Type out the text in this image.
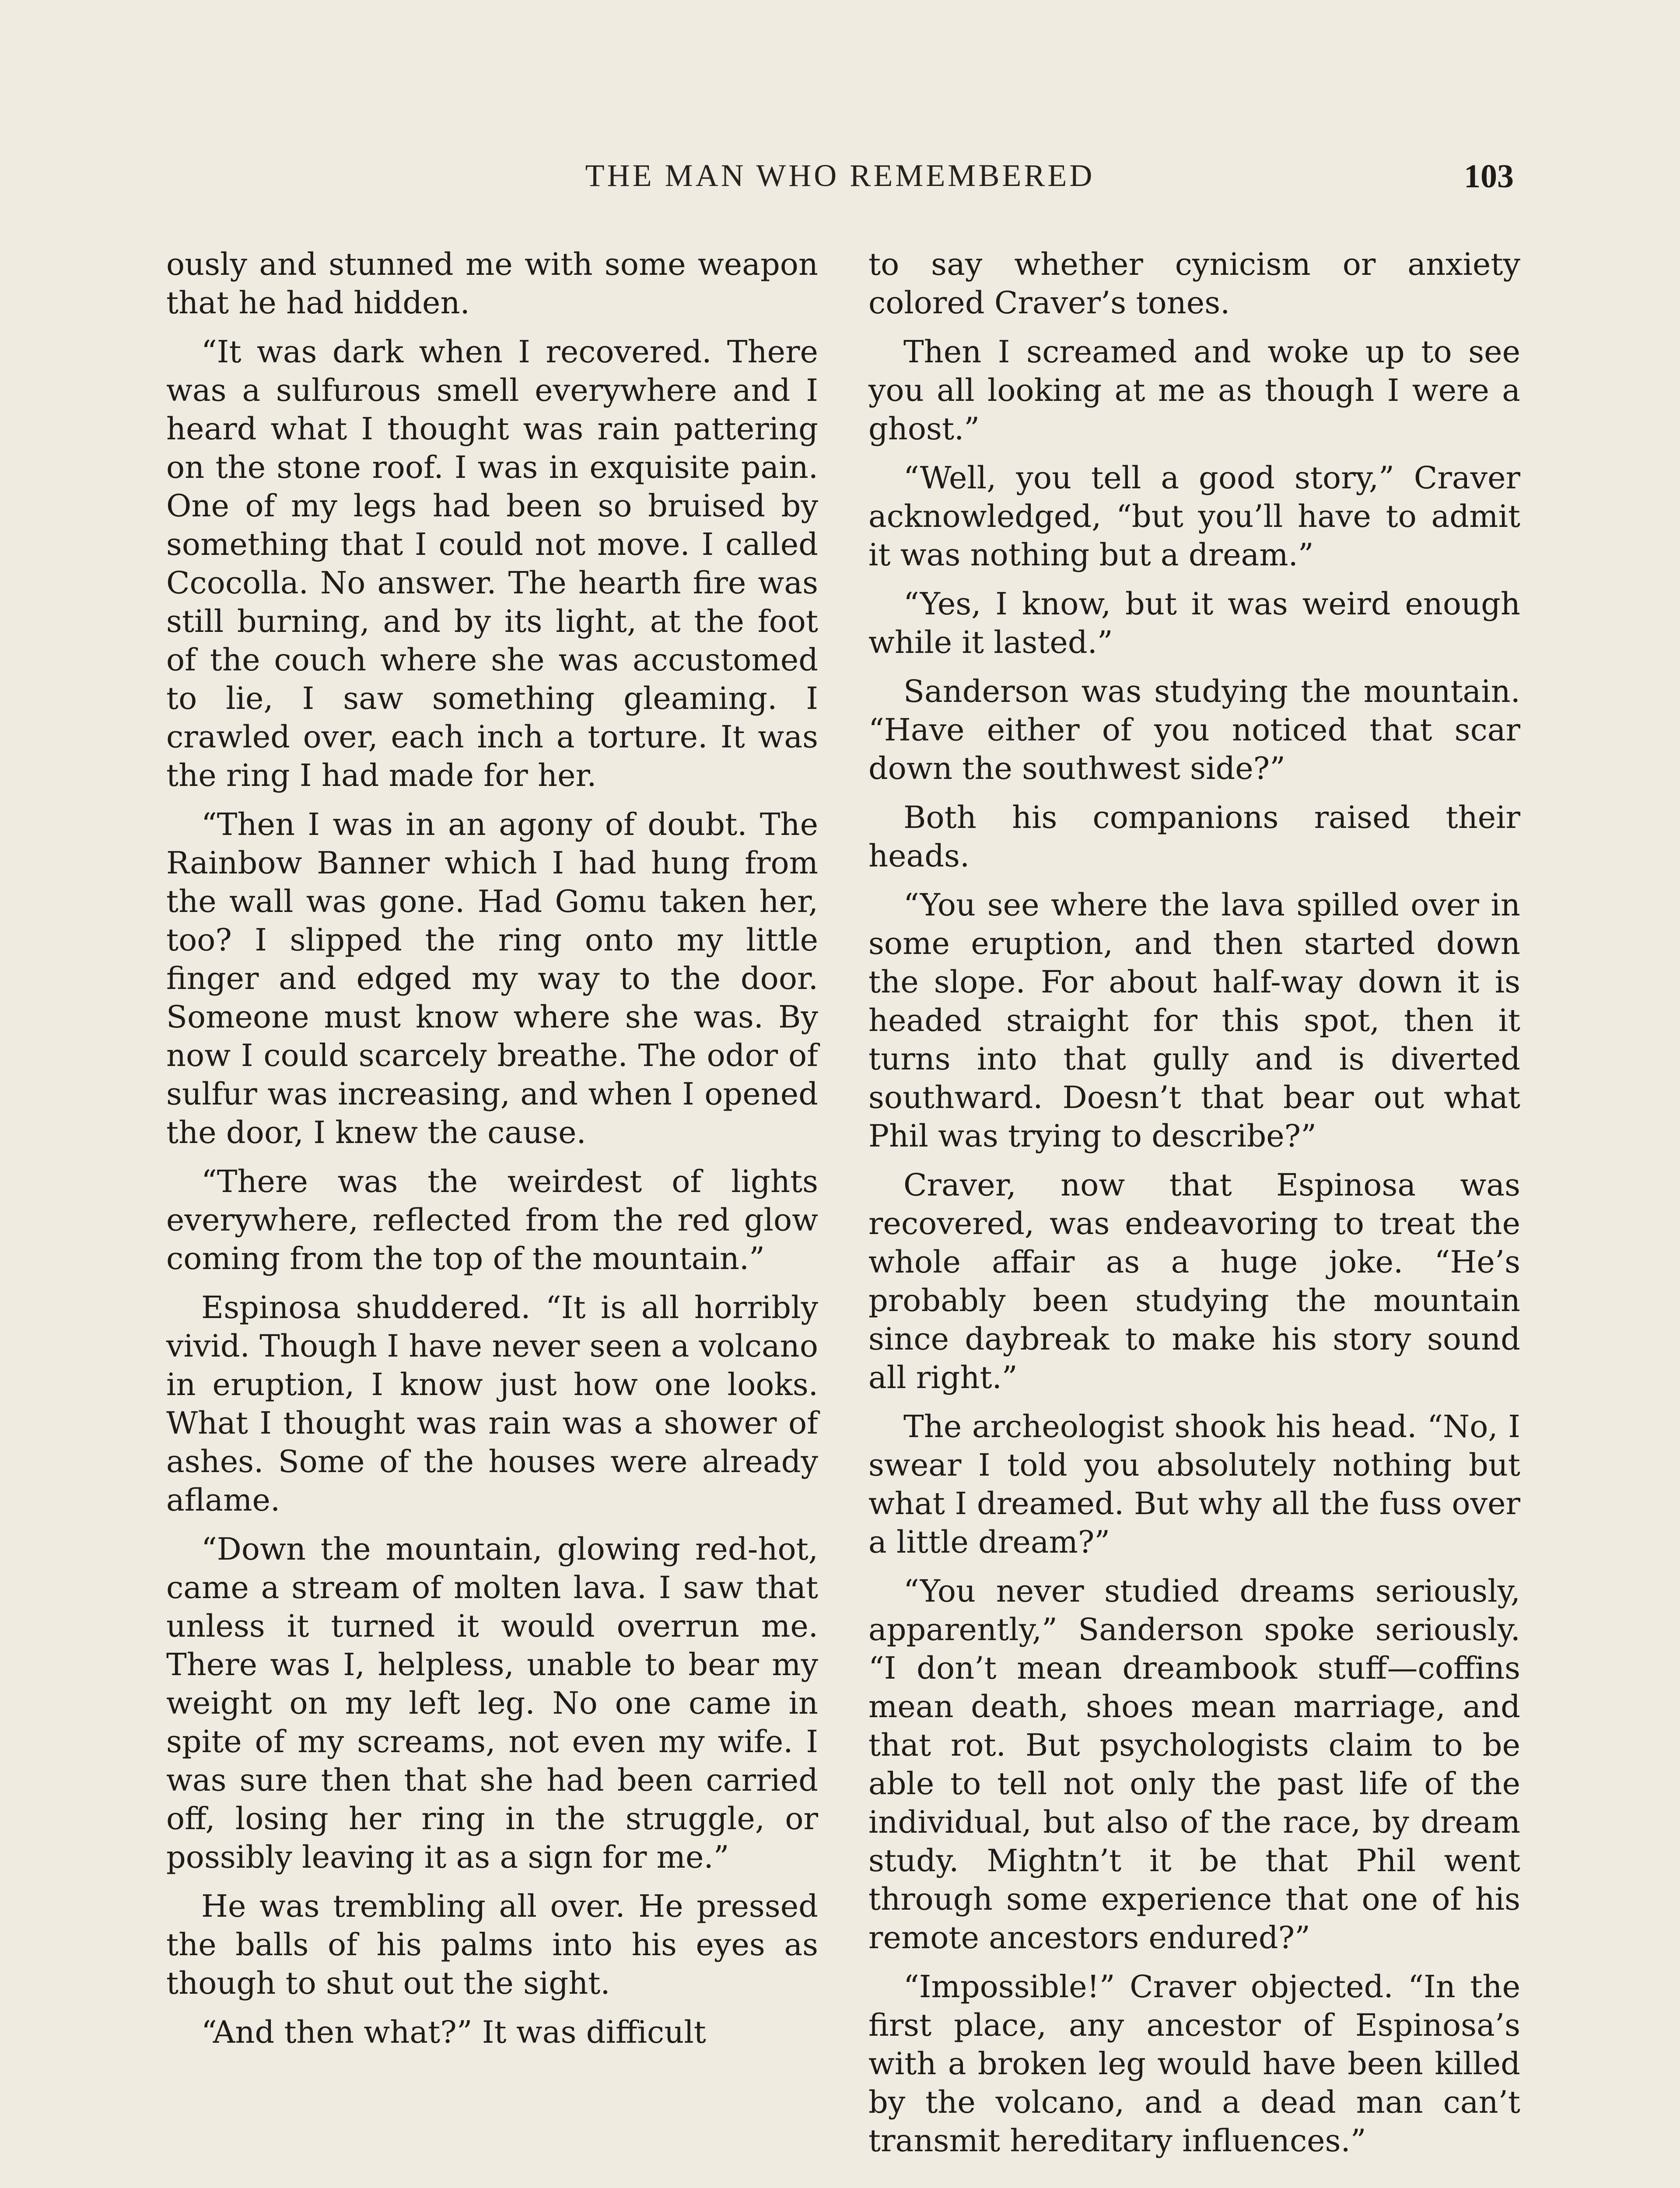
THE MAN WHO REMEMBERED	103

ously and stunned me with some weapon that he had hidden.

“It was dark when I recovered. There was a sulfurous smell everywhere and I heard what I thought was rain pattering on the stone roof. I was in exquisite pain. One of my legs had been so bruised by something that I could not move. I called Ccocolla. No answer. The hearth fire was still burning, and by its light, at the foot of the couch where she was accustomed to lie, I saw something gleaming. I crawled over, each inch a torture. It was the ring I had made for her.

“Then I was in an agony of doubt. The Rainbow Banner which I had hung from the wall was gone. Had Gomu taken her, too? I slipped the ring onto my little finger and edged my way to the door. Someone must know where she was. By now I could scarcely breathe. The odor of sulfur was increasing, and when I opened the door, I knew the cause.

“There was the weirdest of lights everywhere, reflected from the red glow coming from the top of the mountain.”

Espinosa shuddered. “It is all horribly vivid. Though I have never seen a volcano in eruption, I know just how one looks. What I thought was rain was a shower of ashes. Some of the houses were already aflame.

“Down the mountain, glowing red-hot, came a stream of molten lava. I saw that unless it turned it would overrun me. There was I, helpless, unable to bear my weight on my left leg. No one came in spite of my screams, not even my wife. I was sure then that she had been carried off, losing her ring in the struggle, or possibly leaving it as a sign for me.”

He was trembling all over. He pressed the balls of his palms into his eyes as though to shut out the sight.

“And then what?” It was difficult

to say whether cynicism or anxiety colored Craver’s tones.

Then I screamed and woke up to see you all looking at me as though I were a ghost.”

“Well, you tell a good story,” Craver acknowledged, “but you’ll have to admit it was nothing but a dream.”

“Yes, I know, but it was weird enough while it lasted.”

Sanderson was studying the mountain. “Have either of you noticed that scar down the southwest side?”

Both his companions raised their heads.

“You see where the lava spilled over in some eruption, and then started down the slope. For about half-way down it is headed straight for this spot, then it turns into that gully and is diverted southward. Doesn’t that bear out what Phil was trying to describe?”

Craver, now that Espinosa was recovered, was endeavoring to treat the whole affair as a huge joke. “He’s probably been studying the mountain since daybreak to make his story sound all right.”

The archeologist shook his head. “No, I swear I told you absolutely nothing but what I dreamed. But why all the fuss over a little dream?”

“You never studied dreams seriously, apparently,” Sanderson spoke seriously. “I don’t mean dreambook stuff—coffins mean death, shoes mean marriage, and that rot. But psychologists claim to be able to tell not only the past life of the individual, but also of the race, by dream study. Mightn’t it be that Phil went through some experience that one of his remote ancestors endured?”

“Impossible!” Craver objected. “In the first place, any ancestor of Espinosa’s with a broken leg would have been killed by the volcano, and a dead man can’t transmit hereditary influences.”
